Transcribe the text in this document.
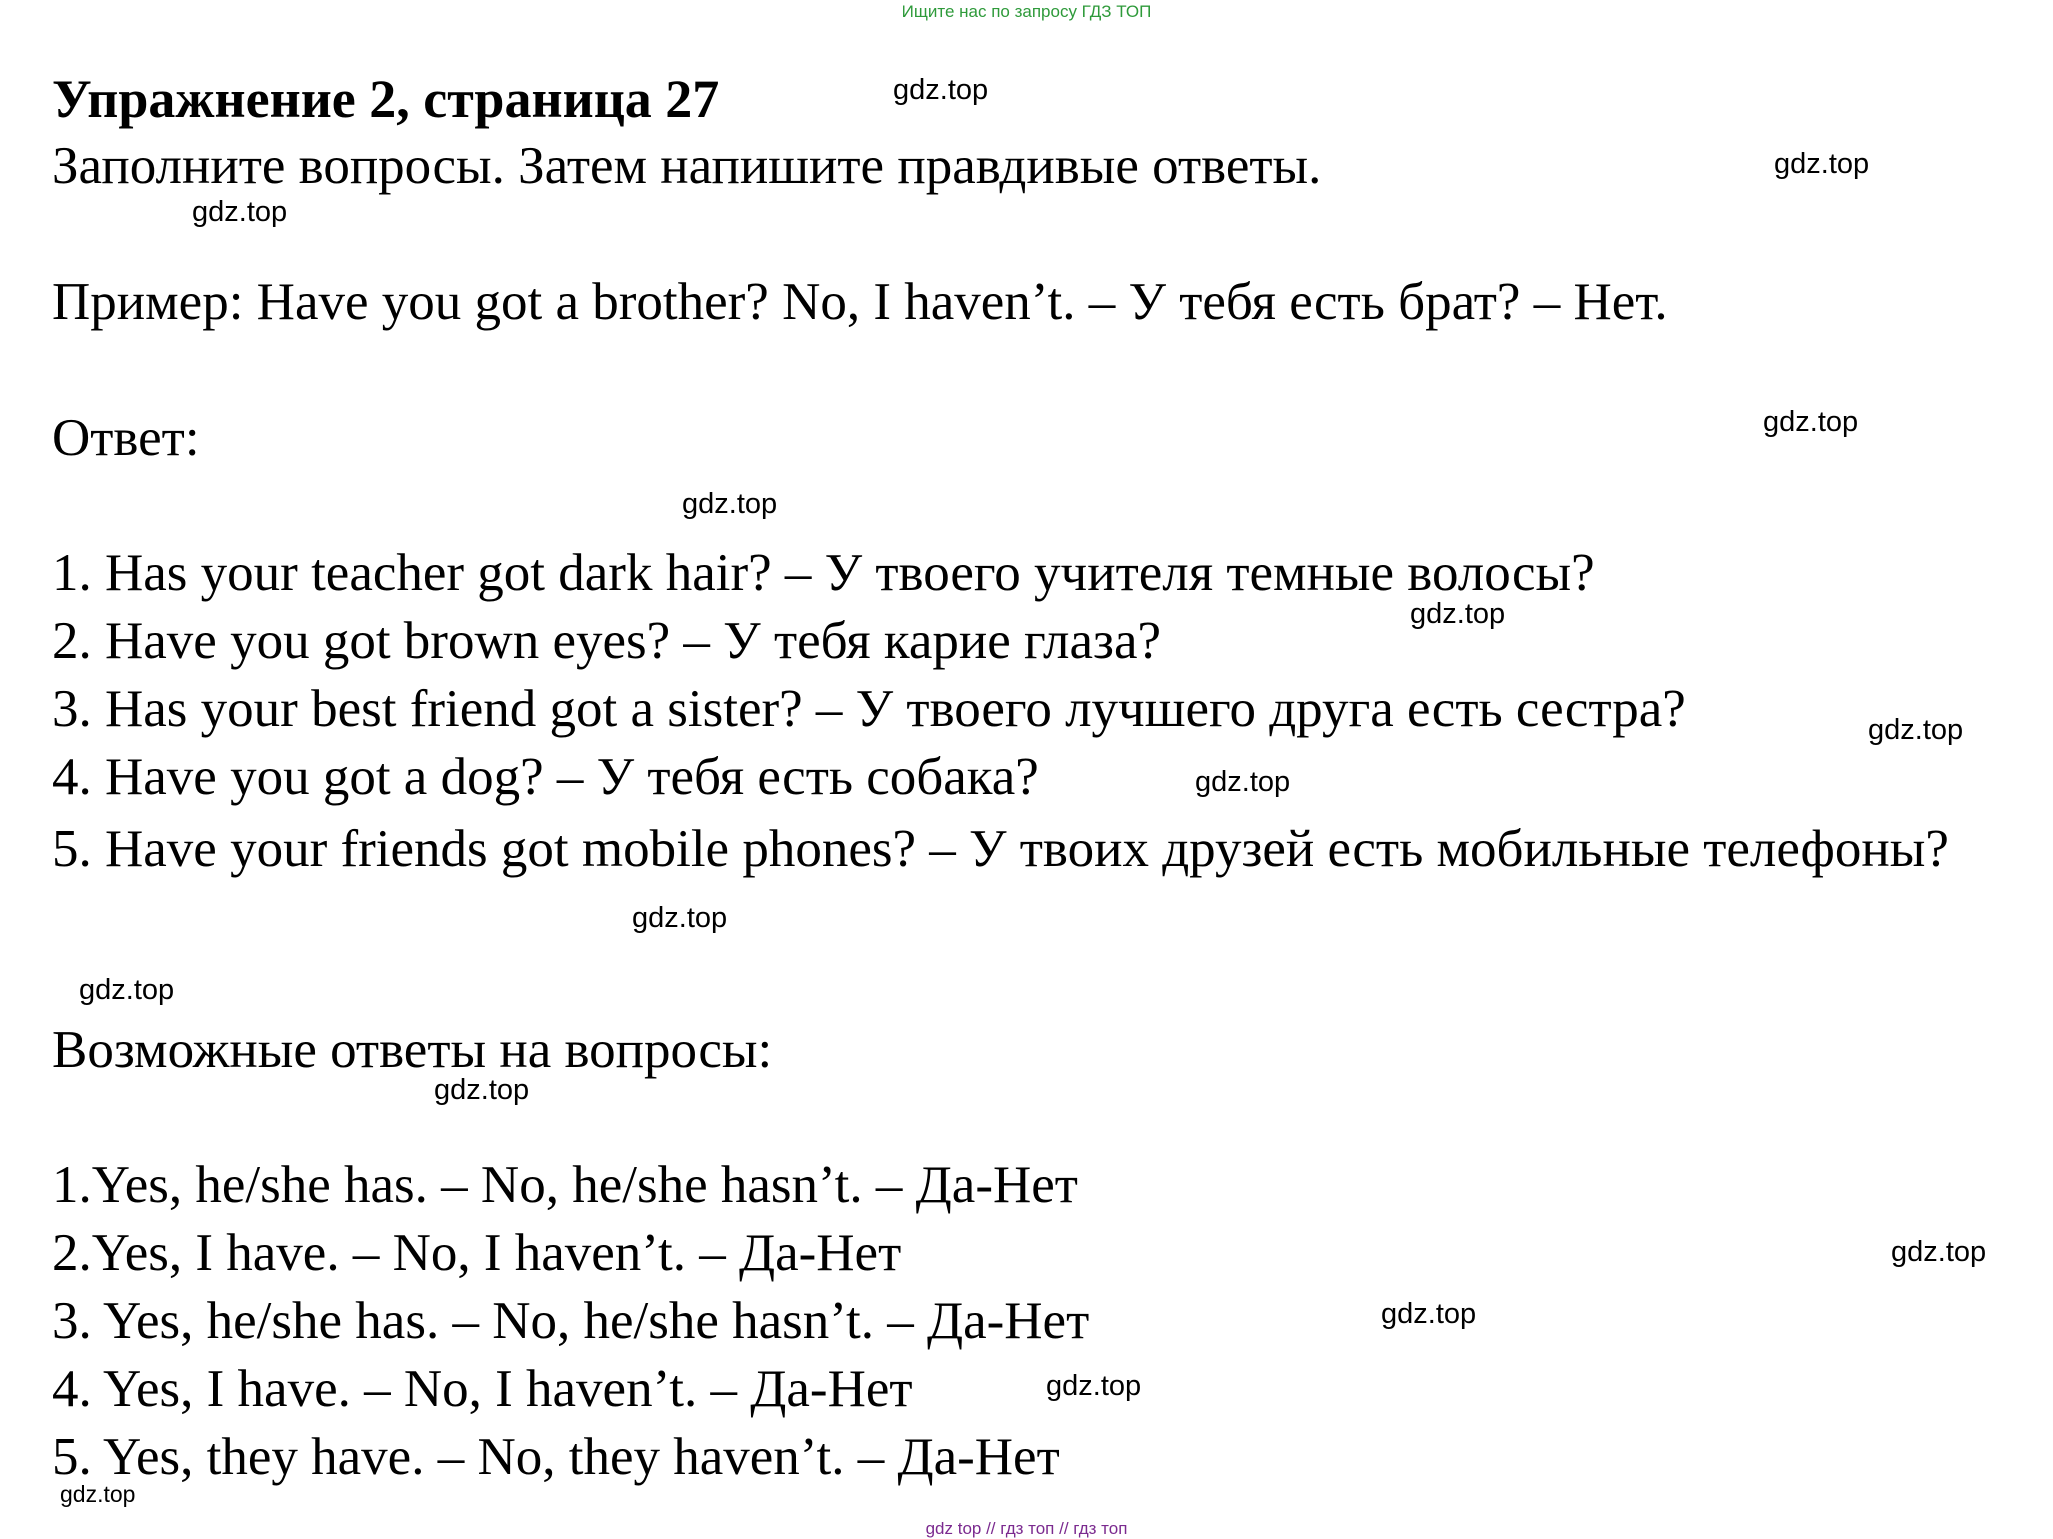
Ищите нас по запросу ГДЗ ТОП
Упражнение 2, страница 27
Заполните вопросы. Затем напишите правдивые ответы.
Пример: Have you got a brother? No, I haven’t. – У тебя есть брат? – Нет.
Ответ:
1. Has your teacher got dark hair? – У твоего учителя темные волосы?
2. Have you got brown eyes? – У тебя карие глаза?
3. Has your best friend got a sister? – У твоего лучшего друга есть сестра?
4. Have you got a dog? – У тебя есть собака?
5. Have your friends got mobile phones? – У твоих друзей есть мобильные телефоны?
Возможные ответы на вопросы:
1.Yes, he/she has. – No, he/she hasn’t. – Да-Нет
2.Yes, I have. – No, I haven’t. – Да-Нет
3. Yes, he/she has. – No, he/she hasn’t. – Да-Нет
4. Yes, I have. – No, I haven’t. – Да-Нет
5. Yes, they have. – No, they haven’t. – Да-Нет
gdz.top
gdz.top
gdz.top
gdz.top
gdz.top
gdz.top
gdz.top
gdz.top
gdz.top
gdz.top
gdz.top
gdz.top
gdz.top
gdz.top
gdz.top
gdz top // гдз топ // гдз топ
